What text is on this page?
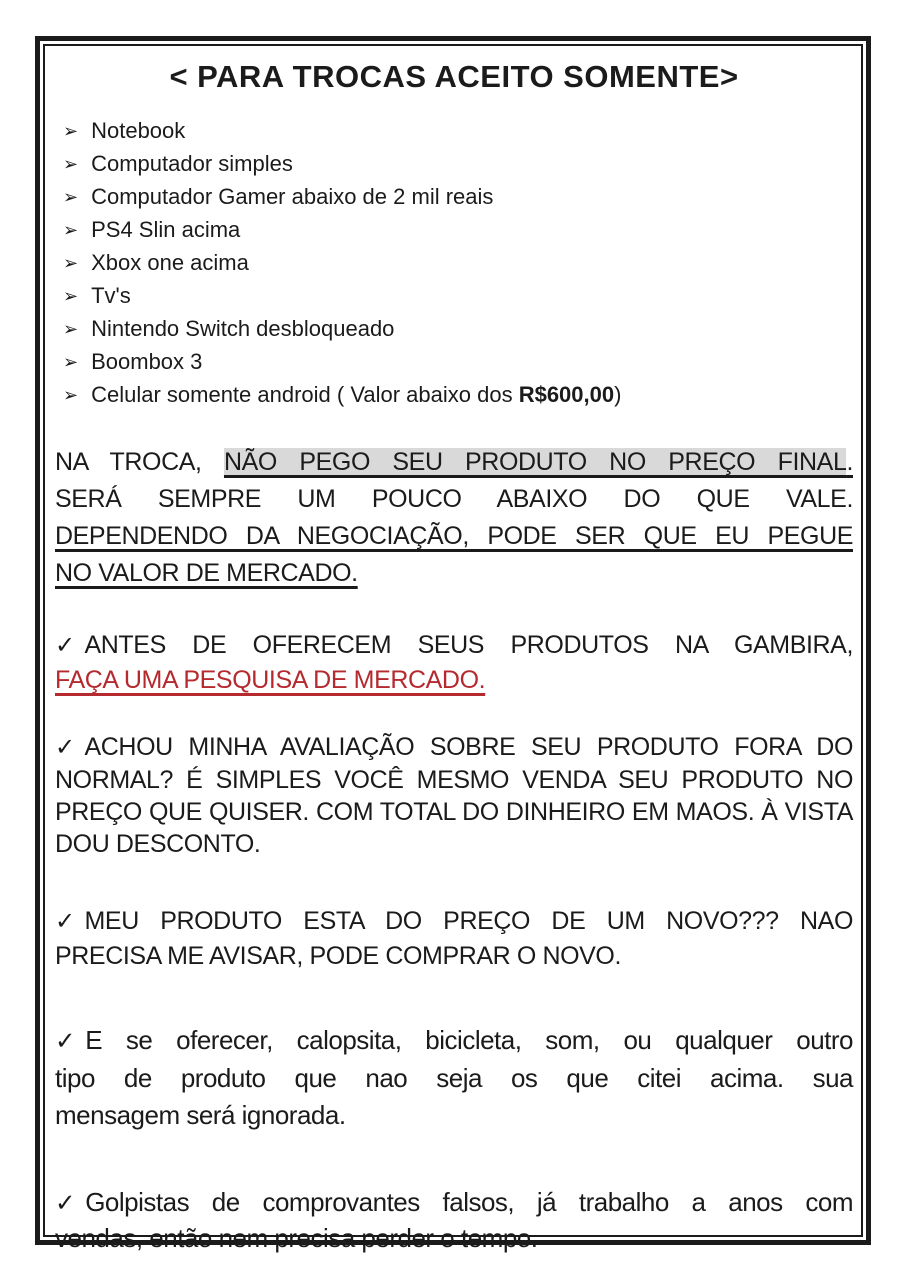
< PARA TROCAS ACEITO SOMENTE>
➢ Notebook
➢ Computador simples
➢ Computador Gamer abaixo de 2 mil reais
➢ PS4 Slin acima
➢ Xbox one acima
➢ Tv's
➢ Nintendo Switch desbloqueado
➢ Boombox 3
➢ Celular somente android ( Valor abaixo dos R$600,00)
NA TROCA, NÃO PEGO SEU PRODUTO NO PREÇO FINAL.
SERÁ SEMPRE UM POUCO ABAIXO DO QUE VALE.
DEPENDENDO DA NEGOCIAÇÃO, PODE SER QUE EU PEGUE
NO VALOR DE MERCADO.
✓ ANTES DE OFERECEM SEUS PRODUTOS NA GAMBIRA,
FAÇA UMA PESQUISA DE MERCADO.
✓ ACHOU MINHA AVALIAÇÃO SOBRE SEU PRODUTO FORA DO
NORMAL? É SIMPLES VOCÊ MESMO VENDA SEU PRODUTO NO
PREÇO QUE QUISER. COM TOTAL DO DINHEIRO EM MAOS. À VISTA
DOU DESCONTO.
✓ MEU PRODUTO ESTA DO PREÇO DE UM NOVO??? NAO
PRECISA ME AVISAR, PODE COMPRAR O NOVO.
✓ E se oferecer, calopsita, bicicleta, som, ou qualquer outro
tipo de produto que nao seja os que citei acima. sua
mensagem será ignorada.
✓ Golpistas de comprovantes falsos, já trabalho a anos com
vendas, então nem precisa perder o tempo.
